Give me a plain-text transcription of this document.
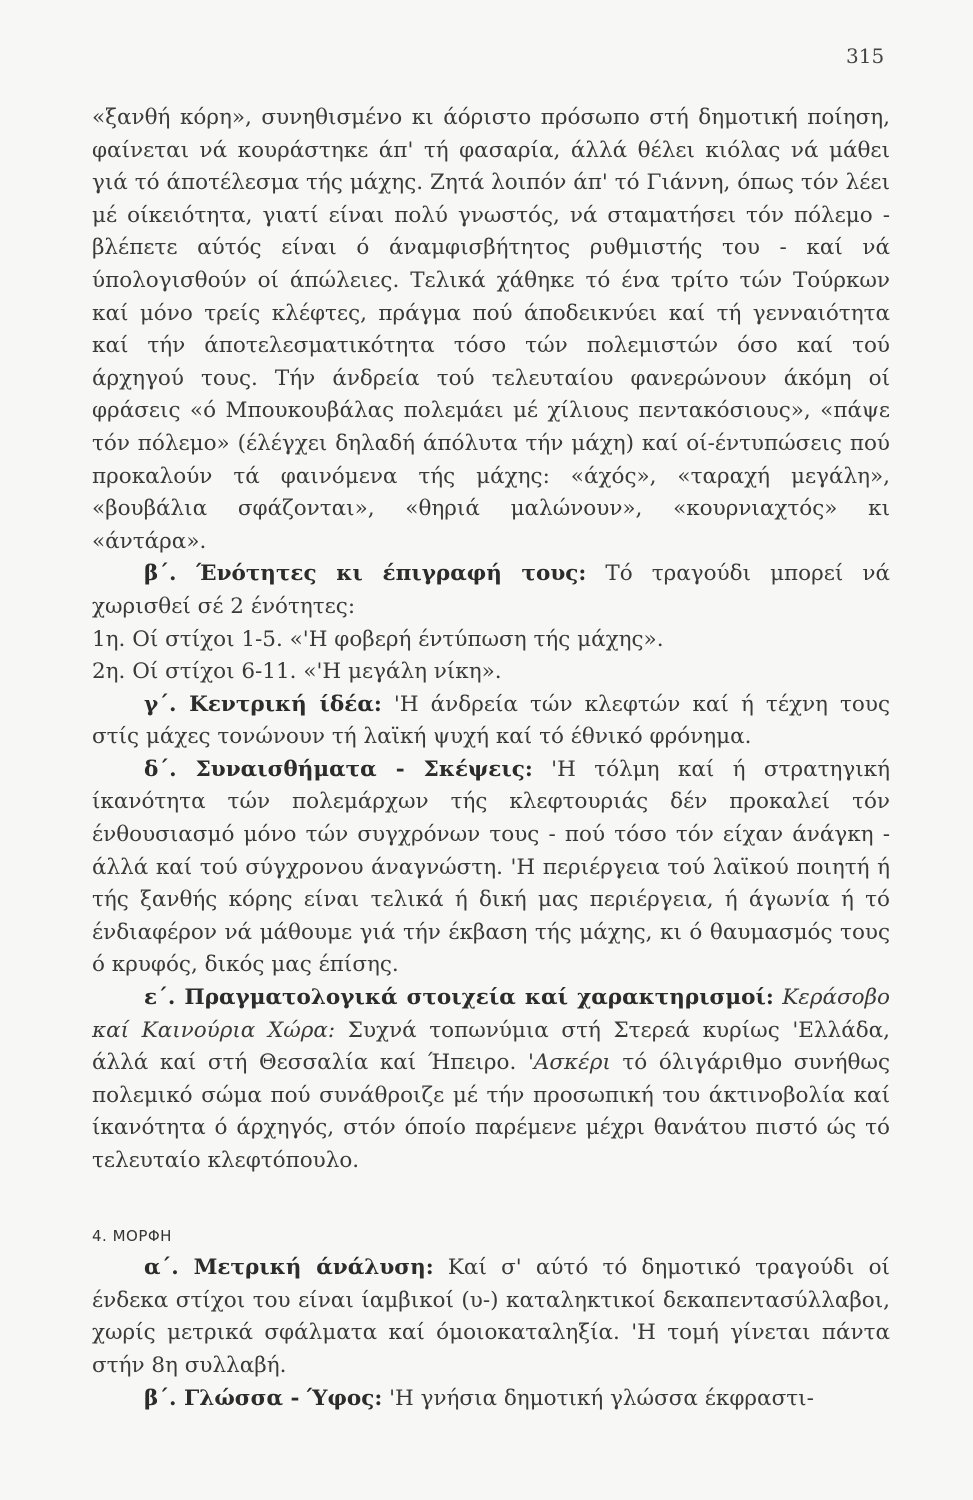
315

«ξανθή κόρη», συνηθισμένο κι άόριστο πρόσωπο στή δημοτική ποίηση, φαίνεται νά κουράστηκε άπ' τή φασαρία, άλλά θέλει κιόλας νά μάθει γιά τό άποτέλεσμα τής μάχης. Ζητά λοιπόν άπ' τό Γιάννη, όπως τόν λέει μέ οίκειότητα, γιατί είναι πολύ γνωστός, νά σταματήσει τόν πόλεμο - βλέπετε αύτός είναι ό άναμφισβήτητος ρυθμιστής του - καί νά ύπολογισθούν οί άπώλειες. Τελικά χάθηκε τό ένα τρίτο τών Τούρκων καί μόνο τρείς κλέφτες, πράγμα πού άποδεικνύει καί τή γενναιότητα καί τήν άποτελεσματικότητα τόσο τών πολεμιστών όσο καί τού άρχηγού τους. Τήν άνδρεία τού τελευταίου φανερώνουν άκόμη οί φράσεις «ό Μπουκουβάλας πολεμάει μέ χίλιους πεντακόσιους», «πάψε τόν πόλεμο» (έλέγχει δηλαδή άπόλυτα τήν μάχη) καί οί-έντυπώσεις πού προκαλούν τά φαινόμενα τής μάχης: «άχός», «ταραχή μεγάλη», «βουβάλια σφάζονται», «θηριά μαλώνουν», «κουρνιαχτός» κι «άντάρα».

β΄. Ένότητες κι έπιγραφή τους: Τό τραγούδι μπορεί νά χωρισθεί σέ 2 ένότητες:

1η. Οί στίχοι 1-5. «'Η φοβερή έντύπωση τής μάχης».

2η. Οί στίχοι 6-11. «'Η μεγάλη νίκη».

γ΄. Κεντρική ίδέα: 'Η άνδρεία τών κλεφτών καί ή τέχνη τους στίς μάχες τονώνουν τή λαϊκή ψυχή καί τό έθνικό φρόνημα.

δ΄. Συναισθήματα - Σκέψεις: 'Η τόλμη καί ή στρατηγική ίκανότητα τών πολεμάρχων τής κλεφτουριάς δέν προκαλεί τόν ένθουσιασμό μόνο τών συγχρόνων τους - πού τόσο τόν είχαν άνάγκη - άλλά καί τού σύγχρονου άναγνώστη. 'Η περιέργεια τού λαϊκού ποιητή ή τής ξανθής κόρης είναι τελικά ή δική μας περιέργεια, ή άγωνία ή τό ένδιαφέρον νά μάθουμε γιά τήν έκβαση τής μάχης, κι ό θαυμασμός τους ό κρυφός, δικός μας έπίσης.

ε΄. Πραγματολογικά στοιχεία καί χαρακτηρισμοί: Κεράσοβο καί Καινούρια Χώρα: Συχνά τοπωνύμια στή Στερεά κυρίως 'Ελλάδα, άλλά καί στή Θεσσαλία καί Ήπειρο. 'Ασκέρι τό όλιγάριθμο συνήθως πολεμικό σώμα πού συνάθροιζε μέ τήν προσωπική του άκτινοβολία καί ίκανότητα ό άρχηγός, στόν όποίο παρέμενε μέχρι θανάτου πιστό ώς τό τελευταίο κλεφτόπουλο.

4. ΜΟΡΦΗ

α΄. Μετρική άνάλυση: Καί σ' αύτό τό δημοτικό τραγούδι οί ένδεκα στίχοι του είναι ίαμβικοί (υ-) καταληκτικοί δεκαπεντασύλλαβοι, χωρίς μετρικά σφάλματα καί όμοιοκαταληξία. 'Η τομή γίνεται πάντα στήν 8η συλλαβή.

β΄. Γλώσσα - Ύφος: 'Η γνήσια δημοτική γλώσσα έκφραστι-
